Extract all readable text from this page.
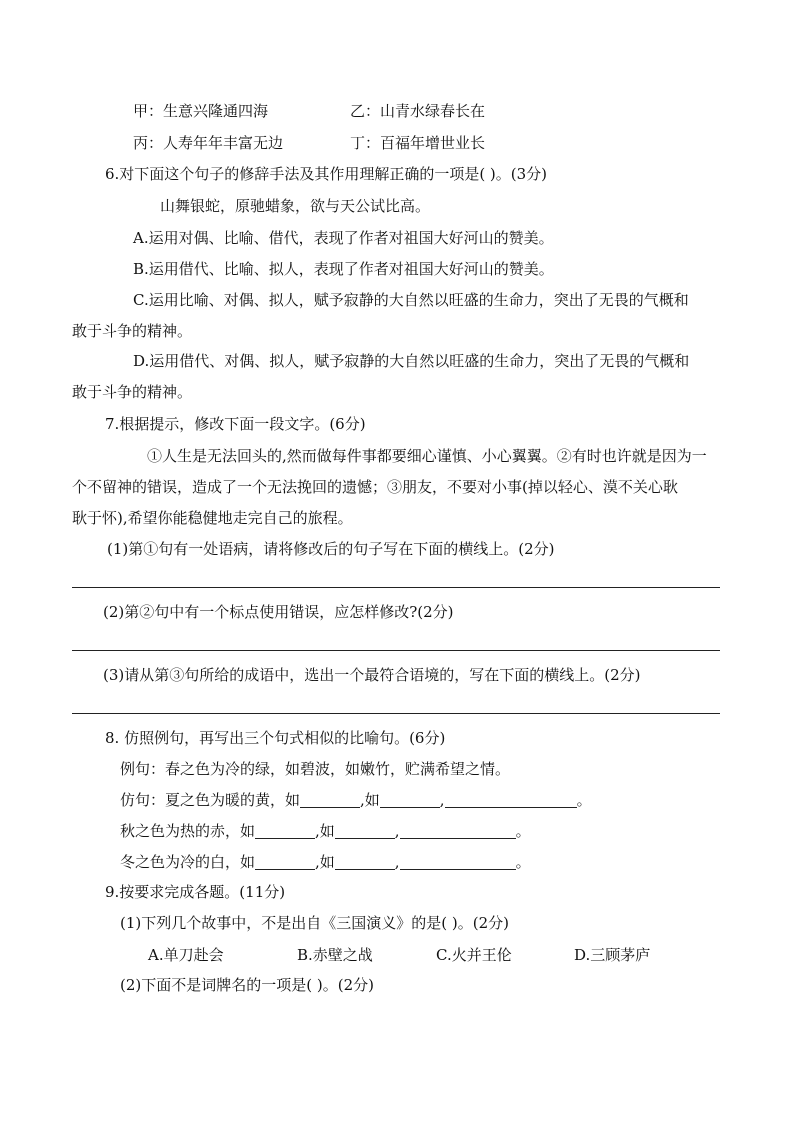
甲：生意兴隆通四海	乙：山青水绿春长在
丙：人寿年年丰富无边	丁：百福年增世业长
6.对下面这个句子的修辞手法及其作用理解正确的一项是( )。(3分)
山舞银蛇，原驰蜡象，欲与天公试比高。
A.运用对偶、比喻、借代，表现了作者对祖国大好河山的赞美。
B.运用借代、比喻、拟人，表现了作者对祖国大好河山的赞美。
C.运用比喻、对偶、拟人，赋予寂静的大自然以旺盛的生命力，突出了无畏的气概和
敢于斗争的精神。
D.运用借代、对偶、拟人，赋予寂静的大自然以旺盛的生命力，突出了无畏的气概和
敢于斗争的精神。
7.根据提示，修改下面一段文字。(6分)
①人生是无法回头的,然而做每件事都要细心谨慎、小心翼翼。②有时也许就是因为一
个不留神的错误，造成了一个无法挽回的遗憾；③朋友，不要对小事(掉以轻心、漠不关心耿
耿于怀),希望你能稳健地走完自己的旅程。
(1)第①句有一处语病，请将修改后的句子写在下面的横线上。(2分)
(2)第②句中有一个标点使用错误，应怎样修改?(2分)
(3)请从第③句所给的成语中，选出一个最符合语境的，写在下面的横线上。(2分)
8. 仿照例句，再写出三个句式相似的比喻句。(6分)
例句：春之色为冷的绿，如碧波，如嫩竹，贮满希望之情。
仿句：夏之色为暖的黄，如	,如	,	。
秋之色为热的赤，如	,如	,	。
冬之色为冷的白，如	,如	,	。
9.按要求完成各题。(11分)
(1)下列几个故事中，不是出自《三国演义》的是( )。(2分)
A.单刀赴会	B.赤壁之战	C.火并王伦	D.三顾茅庐
(2)下面不是词牌名的一项是( )。(2分)
